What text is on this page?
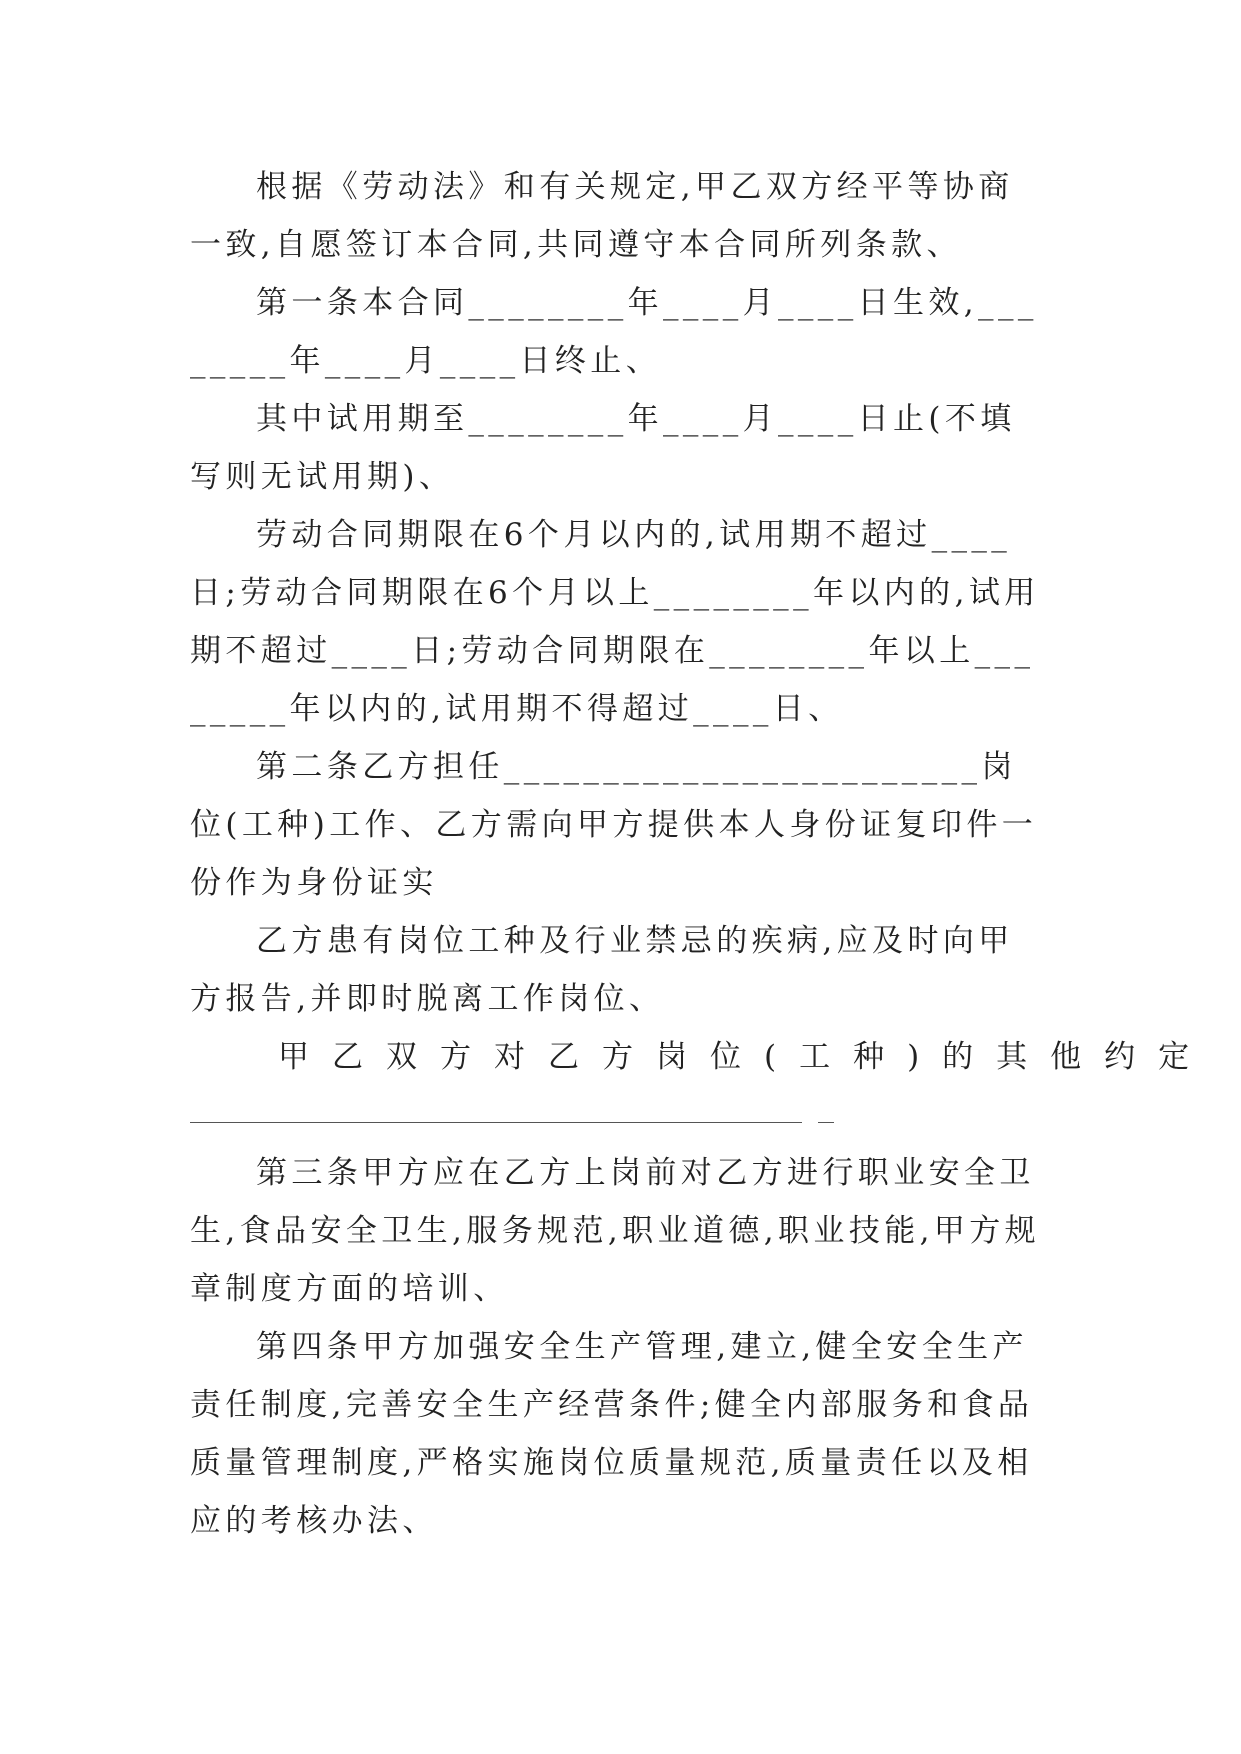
根据《劳动法》和有关规定,甲乙双方经平等协商一致,自愿签订本合同,共同遵守本合同所列条款、

第一条本合同________年____月____日生效,________年____月____日终止、

其中试用期至________年____月____日止(不填写则无试用期)、

劳动合同期限在6个月以内的,试用期不超过____日;劳动合同期限在6个月以上________年以内的,试用期不超过____日;劳动合同期限在________年以上________年以内的,试用期不得超过____日、

第二条乙方担任________________________岗位(工种)工作、乙方需向甲方提供本人身份证复印件一份作为身份证实

乙方患有岗位工种及行业禁忌的疾病,应及时向甲方报告,并即时脱离工作岗位、

甲乙双方对乙方岗位(工种)的其他约定

第三条甲方应在乙方上岗前对乙方进行职业安全卫生,食品安全卫生,服务规范,职业道德,职业技能,甲方规章制度方面的培训、

第四条甲方加强安全生产管理,建立,健全安全生产责任制度,完善安全生产经营条件;健全内部服务和食品质量管理制度,严格实施岗位质量规范,质量责任以及相应的考核办法、
